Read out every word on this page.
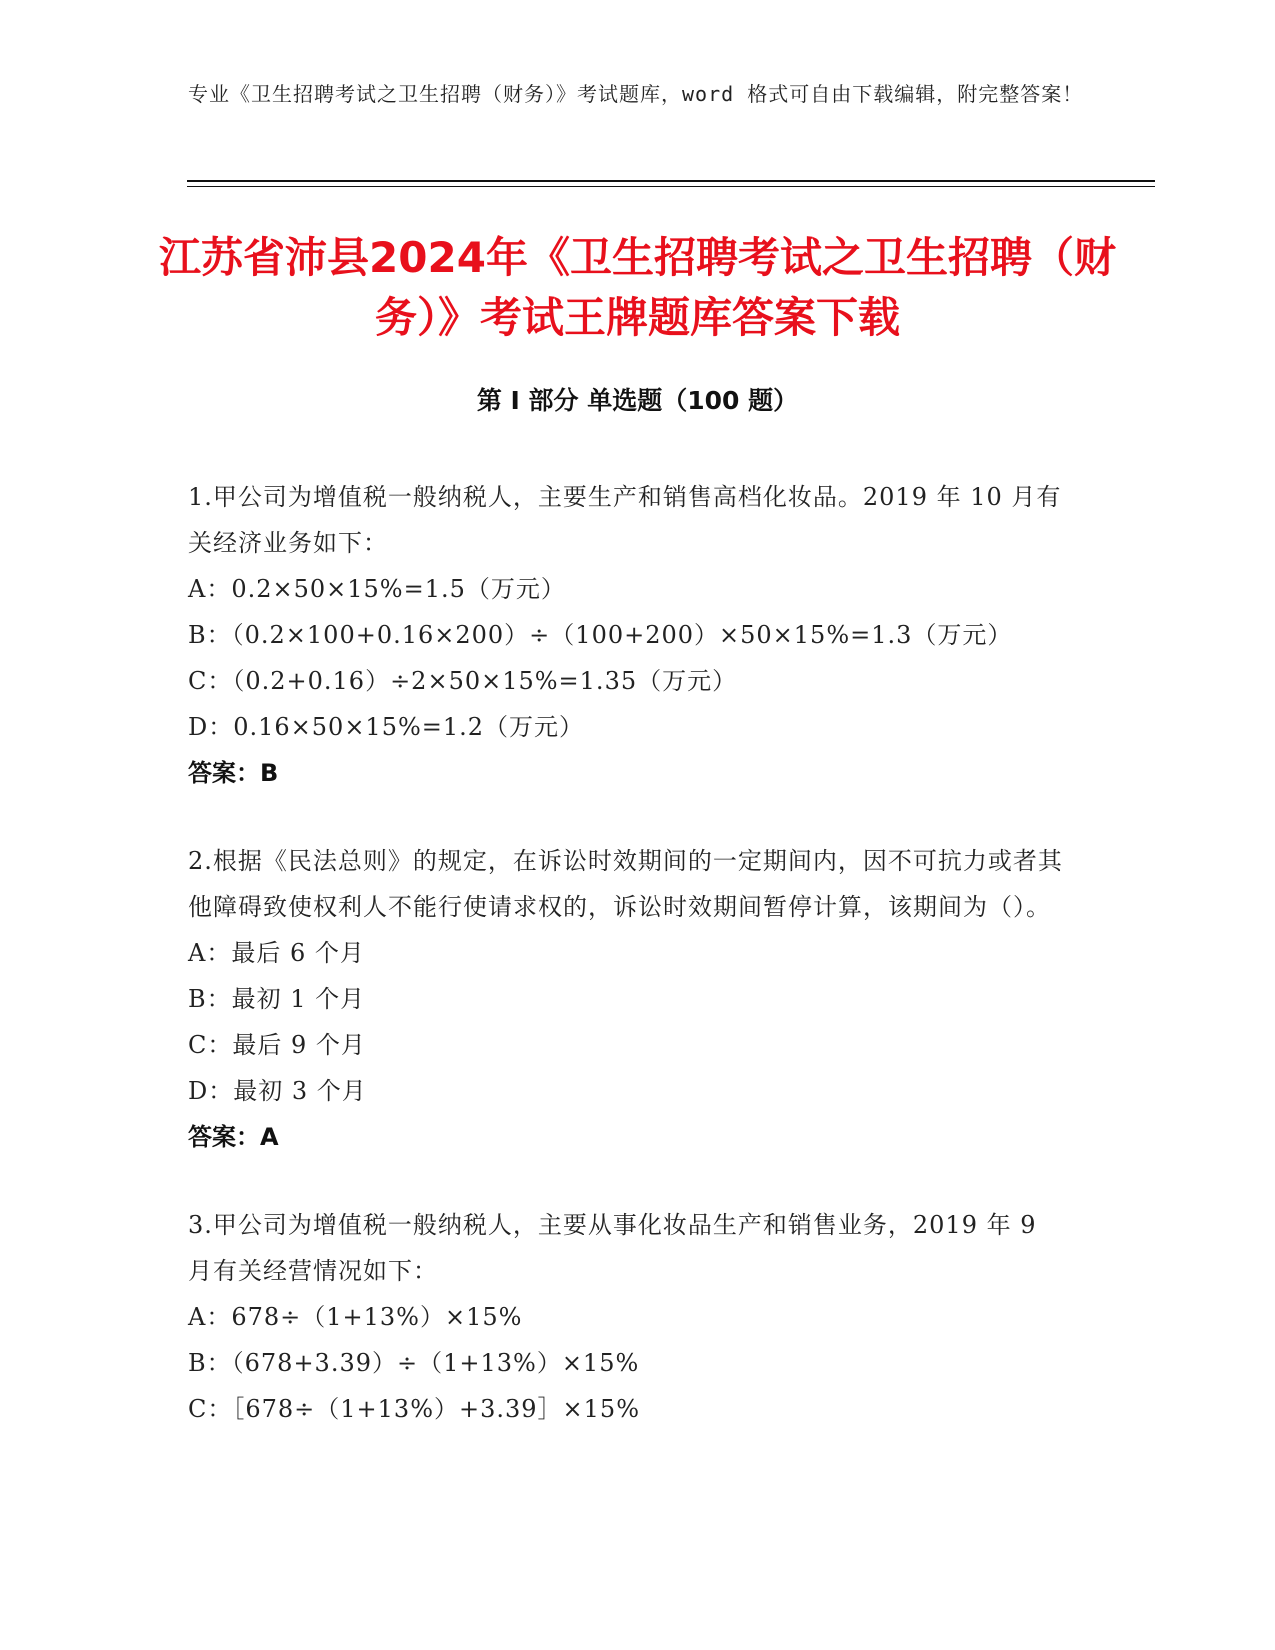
专业《卫生招聘考试之卫生招聘（财务）》考试题库，word 格式可自由下载编辑，附完整答案！
江苏省沛县2024年《卫生招聘考试之卫生招聘（财务）》考试王牌题库答案下载
第 I 部分 单选题（100 题）
1.甲公司为增值税一般纳税人，主要生产和销售高档化妆品。2019 年 10 月有关经济业务如下：
A：0.2×50×15%=1.5（万元）
B：（0.2×100+0.16×200）÷（100+200）×50×15%=1.3（万元）
C：（0.2+0.16）÷2×50×15%=1.35（万元）
D：0.16×50×15%=1.2（万元）
答案：B
2.根据《民法总则》的规定，在诉讼时效期间的一定期间内，因不可抗力或者其他障碍致使权利人不能行使请求权的，诉讼时效期间暂停计算，该期间为（）。
A：最后 6 个月
B：最初 1 个月
C：最后 9 个月
D：最初 3 个月
答案：A
3.甲公司为增值税一般纳税人，主要从事化妆品生产和销售业务，2019 年 9 月有关经营情况如下：
A：678÷（1+13%）×15%
B：（678+3.39）÷（1+13%）×15%
C：［678÷（1+13%）+3.39］×15%
